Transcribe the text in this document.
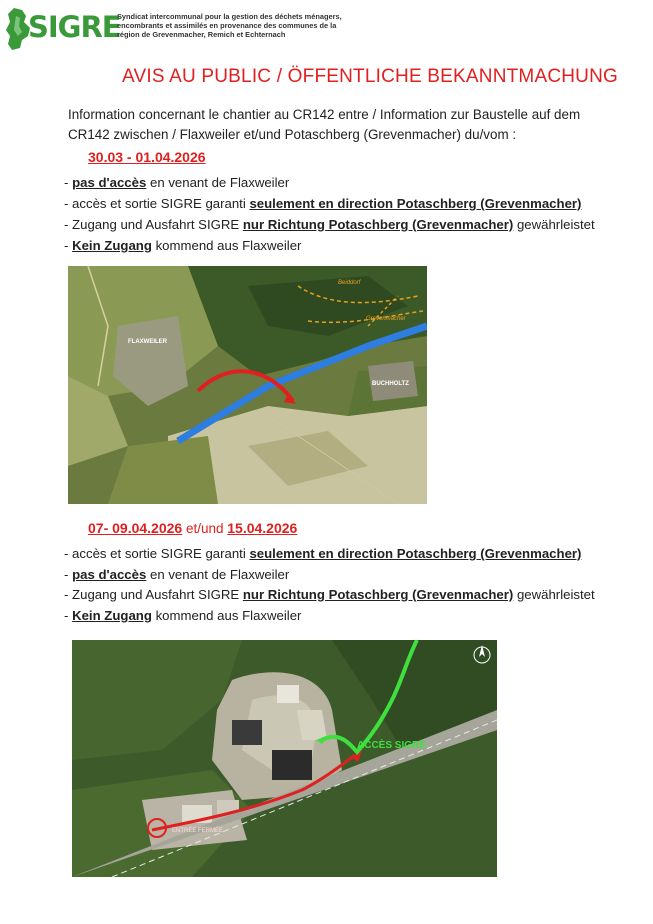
SIGRE
Syndicat intercommunal pour la gestion des déchets ménagers,
encombrants et assimilés en provenance des communes de la
région de Grevenmacher, Remich et Echternach
AVIS AU PUBLIC / ÖFFENTLICHE BEKANNTMACHUNG
Information concernant le chantier au CR142 entre / Information zur Baustelle auf dem
CR142 zwischen / Flaxweiler et/und Potaschberg (Grevenmacher) du/vom :
30.03 - 01.04.2026
- pas d'accès en venant de Flaxweiler
- accès et sortie SIGRE garanti seulement en direction Potaschberg (Grevenmacher)
- Zugang und Ausfahrt SIGRE nur Richtung Potaschberg (Grevenmacher) gewährleistet
- Kein Zugang kommend aus Flaxweiler
FLAXWEILER
BUCHHOLTZ
Beiddorf
Grevenmacher
07- 09.04.2026 et/und 15.04.2026
- accès et sortie SIGRE garanti seulement en direction Potaschberg (Grevenmacher)
- pas d'accès en venant de Flaxweiler
- Zugang und Ausfahrt SIGRE nur Richtung Potaschberg (Grevenmacher) gewährleistet
- Kein Zugang kommend aus Flaxweiler
ACCÈS SIGRE
ENTRÉE FERMÉE
